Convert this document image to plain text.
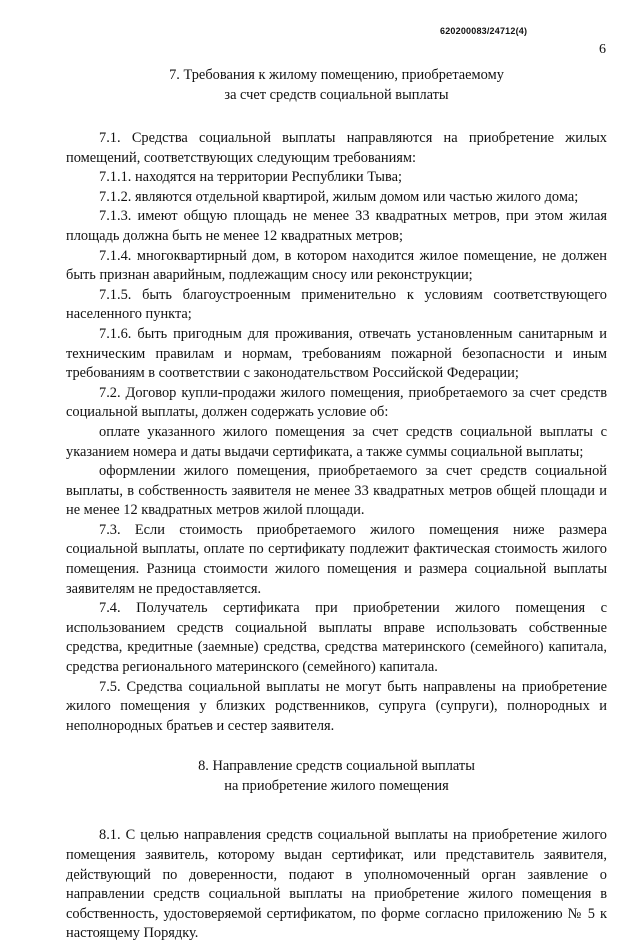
620200083/24712(4)
6
7. Требования к жилому помещению, приобретаемому
за счет средств социальной выплаты

7.1. Средства социальной выплаты направляются на приобретение жилых помещений, соответствующих следующим требованиям:

7.1.1. находятся на территории Республики Тыва;

7.1.2. являются отдельной квартирой, жилым домом или частью жилого дома;

7.1.3. имеют общую площадь не менее 33 квадратных метров, при этом жилая площадь должна быть не менее 12 квадратных метров;

7.1.4. многоквартирный дом, в котором находится жилое помещение, не должен быть признан аварийным, подлежащим сносу или реконструкции;

7.1.5. быть благоустроенным применительно к условиям соответствующего населенного пункта;

7.1.6. быть пригодным для проживания, отвечать установленным санитарным и техническим правилам и нормам, требованиям пожарной безопасности и иным требованиям в соответствии с законодательством Российской Федерации;

7.2. Договор купли-продажи жилого помещения, приобретаемого за счет средств социальной выплаты, должен содержать условие об:

оплате указанного жилого помещения за счет средств социальной выплаты с указанием номера и даты выдачи сертификата, а также суммы социальной выплаты;

оформлении жилого помещения, приобретаемого за счет средств социальной выплаты, в собственность заявителя не менее 33 квадратных метров общей площади и не менее 12 квадратных метров жилой площади.

7.3. Если стоимость приобретаемого жилого помещения ниже размера социальной выплаты, оплате по сертификату подлежит фактическая стоимость жилого помещения. Разница стоимости жилого помещения и размера социальной выплаты заявителям не предоставляется.

7.4. Получатель сертификата при приобретении жилого помещения с использованием средств социальной выплаты вправе использовать собственные средства, кредитные (заемные) средства, средства материнского (семейного) капитала, средства регионального материнского (семейного) капитала.

7.5. Средства социальной выплаты не могут быть направлены на приобретение жилого помещения у близких родственников, супруга (супруги), полнородных и неполнородных братьев и сестер заявителя.

8. Направление средств социальной выплаты
на приобретение жилого помещения

8.1. С целью направления средств социальной выплаты на приобретение жилого помещения заявитель, которому выдан сертификат, или представитель заявителя, действующий по доверенности, подают в уполномоченный орган заявление о направлении средств социальной выплаты на приобретение жилого помещения в собственность, удостоверяемой сертификатом, по форме согласно приложению № 5 к настоящему Порядку.
